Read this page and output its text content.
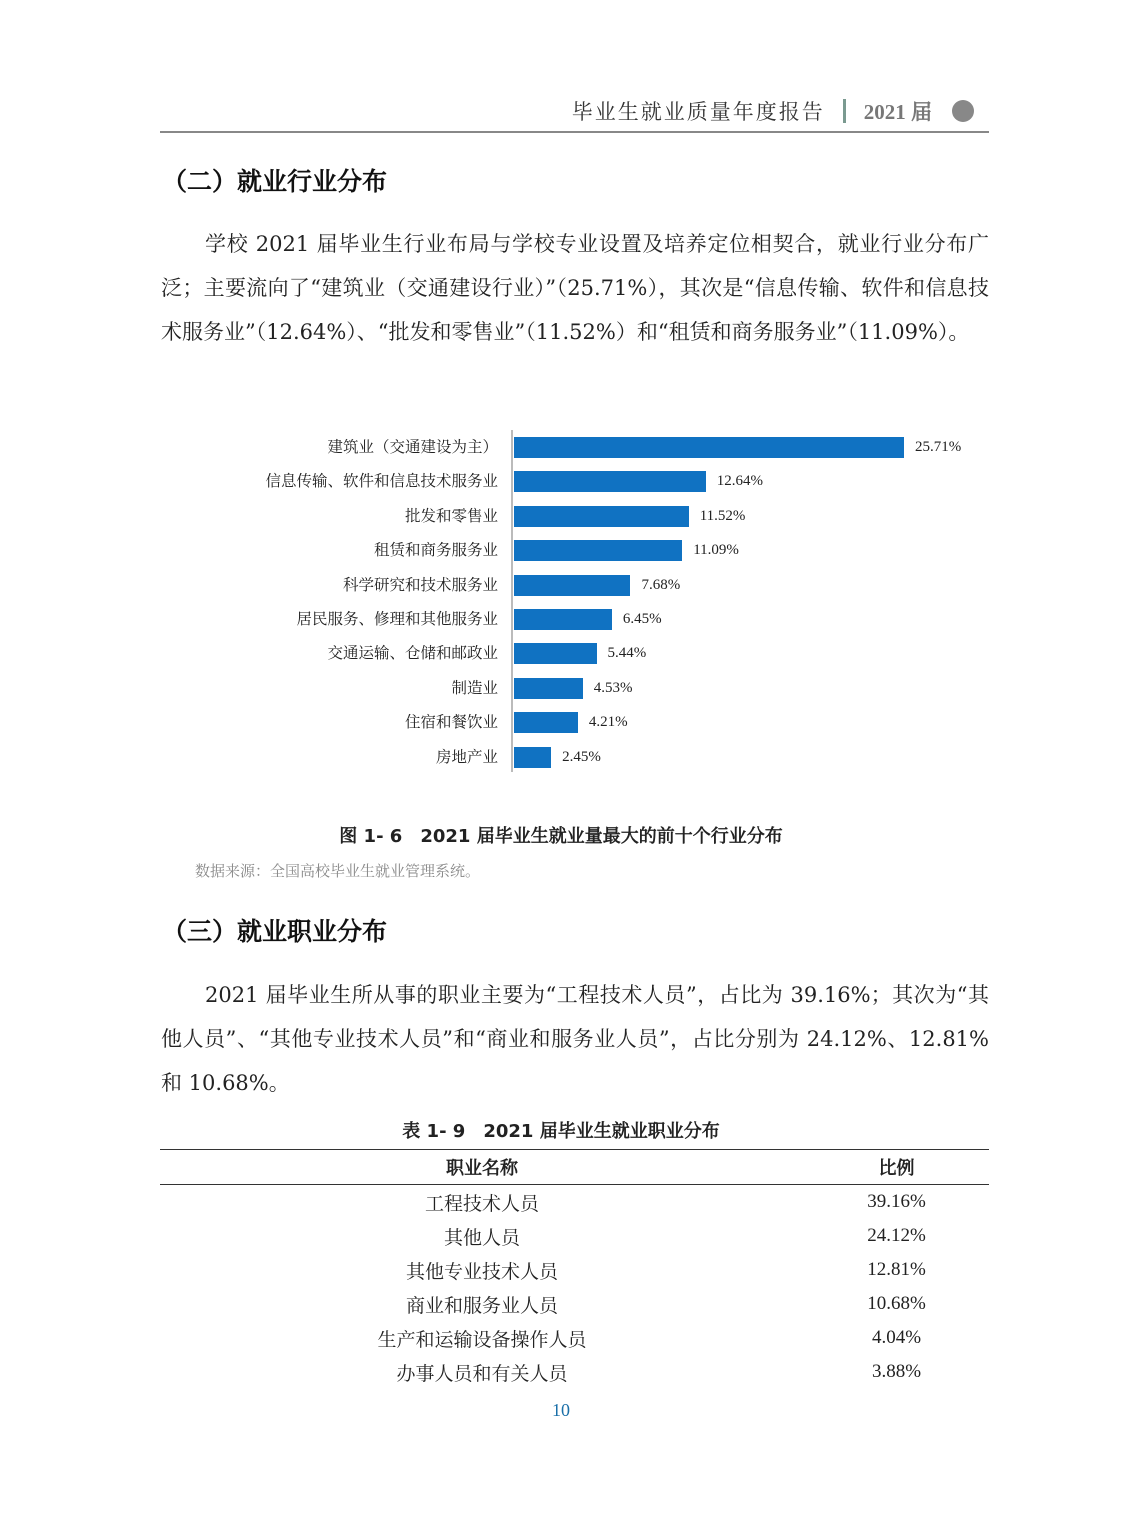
毕业生就业质量年度报告 2021 届
（二）就业行业分布

学校 2021 届毕业生行业布局与学校专业设置及培养定位相契合，就业行业分布广泛；主要流向了“建筑业（交通建设行业）”（25.71%），其次是“信息传输、软件和信息技术服务业”（12.64%）、“批发和零售业”（11.52%）和“租赁和商务服务业”（11.09%）。

建筑业（交通建设为主）	25.71%
信息传输、软件和信息技术服务业	12.64%
批发和零售业	11.52%
租赁和商务服务业	11.09%
科学研究和技术服务业	7.68%
居民服务、修理和其他服务业	6.45%
交通运输、仓储和邮政业	5.44%
制造业	4.53%
住宿和餐饮业	4.21%
房地产业	2.45%
图 1- 6　2021 届毕业生就业量最大的前十个行业分布
数据来源：全国高校毕业生就业管理系统。
（三）就业职业分布

2021 届毕业生所从事的职业主要为“工程技术人员”，占比为 39.16%；其次为“其他人员”、“其他专业技术人员”和“商业和服务业人员”，占比分别为 24.12%、12.81%和 10.68%。

表 1- 9　2021 届毕业生就业职业分布
职业名称	比例
工程技术人员	39.16%
其他人员	24.12%
其他专业技术人员	12.81%
商业和服务业人员	10.68%
生产和运输设备操作人员	4.04%
办事人员和有关人员	3.88%
10
